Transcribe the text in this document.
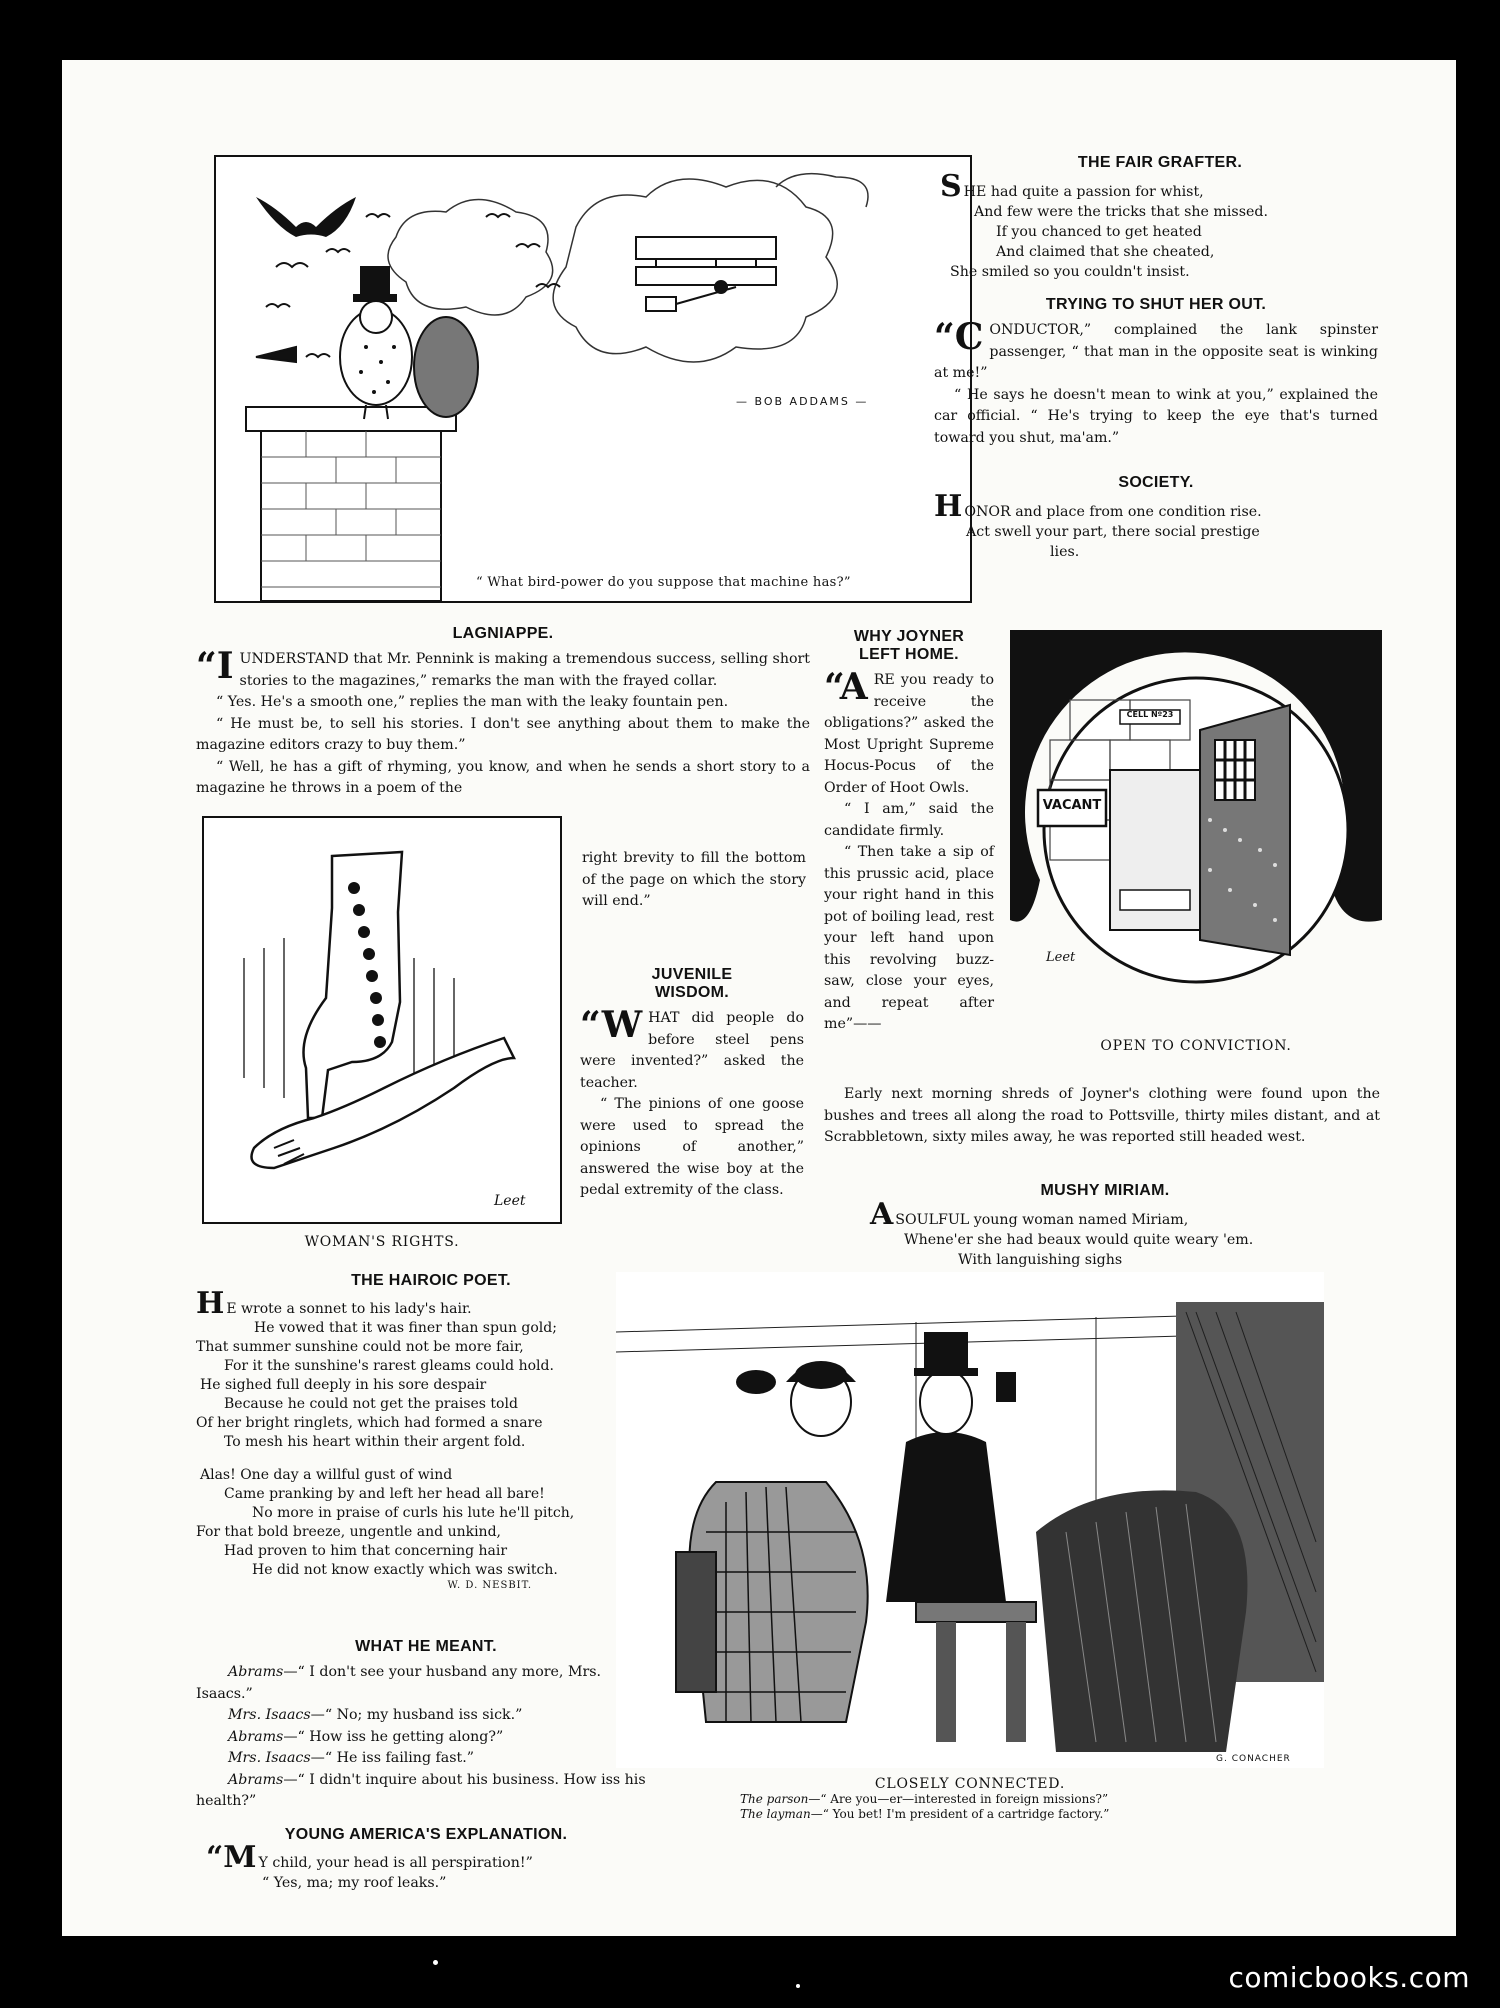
— BOB ADDAMS —
“ What bird-power do you suppose that machine has?”
THE FAIR GRAFTER.
SHE had quite a passion for whist,
And few were the tricks that she missed.
If you chanced to get heated
And claimed that she cheated,
She smiled so you couldn't insist.
TRYING TO SHUT HER OUT.

“CONDUCTOR,” complained the lank spinster passenger, “ that man in the opposite seat is winking at me!”

“ He says he doesn't mean to wink at you,” explained the car official. “ He's trying to keep the eye that's turned toward you shut, ma'am.”

SOCIETY.
HONOR and place from one condition rise.
Act swell your part, there social prestige
lies.
LAGNIAPPE.

“IUNDERSTAND that Mr. Pennink is making a tremendous success, selling short stories to the magazines,” remarks the man with the frayed collar.

“ Yes. He's a smooth one,” replies the man with the leaky fountain pen.

“ He must be, to sell his stories. I don't see anything about them to make the magazine editors crazy to buy them.”

“ Well, he has a gift of rhyming, you know, and when he sends a short story to a magazine he throws in a poem of the

right brevity to fill the bottom of the page on which the story will end.”
Leet
WOMAN'S RIGHTS.
JUVENILE
WISDOM.

“WHAT did people do before steel pens were invented?” asked the teacher.

“ The pinions of one goose were used to spread the opinions of another,” answered the wise boy at the pedal extremity of the class.

WHY JOYNER
LEFT HOME.

“ARE you ready to receive the obligations?” asked the Most Upright Supreme Hocus-Pocus of the Order of Hoot Owls.

“ I am,” said the candidate firmly.

“ Then take a sip of this prussic acid, place your right hand in this pot of boiling lead, rest your left hand upon this revolving buzz-saw, close your eyes, and repeat after me”——

Early next morning shreds of Joyner's clothing were found upon the bushes and trees all along the road to Pottsville, thirty miles distant, and at Scrabbletown, sixty miles away, he was reported still headed west.

CELL Nº23
VACANT
Leet
OPEN TO CONVICTION.
MUSHY MIRIAM.
ASOULFUL young woman named Miriam,
Whene'er she had beaux would quite weary 'em.
With languishing sighs
THE HAIROIC POET.
H E wrote a sonnet to his lady's hair.
He vowed that it was finer than spun gold;
That summer sunshine could not be more fair,
For it the sunshine's rarest gleams could hold.
He sighed full deeply in his sore despair
Because he could not get the praises told
Of her bright ringlets, which had formed a snare
To mesh his heart within their argent fold.
Alas! One day a willful gust of wind
Came pranking by and left her head all bare!
No more in praise of curls his lute he'll pitch,
For that bold breeze, ungentle and unkind,
Had proven to him that concerning hair
He did not know exactly which was switch.
W. D. NESBIT.
WHAT HE MEANT.

Abrams—“ I don't see your husband any more, Mrs. Isaacs.”

Mrs. Isaacs—“ No; my husband iss sick.”

Abrams—“ How iss he getting along?”

Mrs. Isaacs—“ He iss failing fast.”

Abrams—“ I didn't inquire about his business. How iss his health?”

YOUNG AMERICA'S EXPLANATION.
“M Y child, your head is all perspiration!”
“ Yes, ma; my roof leaks.”
G. CONACHER
CLOSELY CONNECTED.
The parson—“ Are you—er—interested in foreign missions?”
The layman—“ You bet! I'm president of a cartridge factory.”
comicbooks.com
